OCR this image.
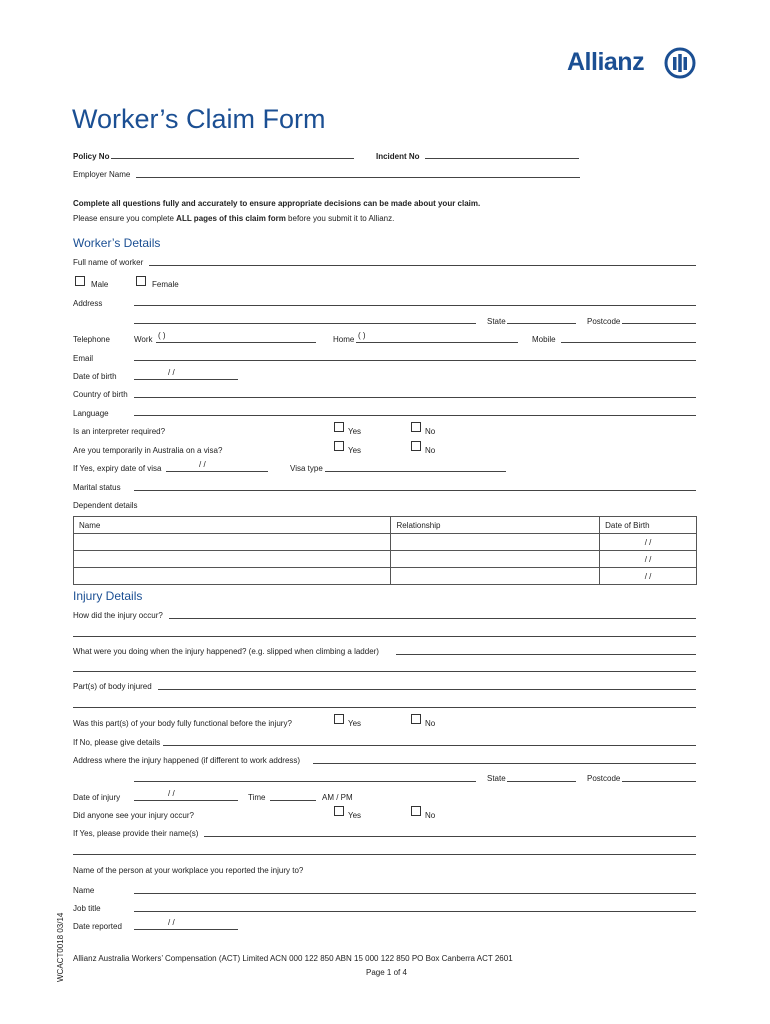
Allianz
Worker’s Claim Form
Policy No	Incident No
Employer Name
Complete all questions fully and accurately to ensure appropriate decisions can be made about your claim.
Please ensure you complete ALL pages of this claim form before you submit it to Allianz.
Worker’s Details
Full name of worker
Male	Female
Address
State	Postcode
Telephone	Work ( )	Home ( )	Mobile
Email
Date of birth	/ /
Country of birth
Language
Is an interpreter required?	Yes	No
Are you temporarily in Australia on a visa?	Yes	No
If Yes, expiry date of visa	/ /	Visa type
Marital status
Dependent details
Name	Relationship	Date of Birth
		/ /
		/ /
		/ /
Injury Details
How did the injury occur?
What were you doing when the injury happened? (e.g. slipped when climbing a ladder)
Part(s) of body injured
Was this part(s) of your body fully functional before the injury?	Yes	No
If No, please give details
Address where the injury happened (if different to work address)
State	Postcode
Date of injury	/ /	Time	AM / PM
Did anyone see your injury occur?	Yes	No
If Yes, please provide their name(s)
Name of the person at your workplace you reported the injury to?
Name
Job title
Date reported	/ /
Allianz Australia Workers’ Compensation (ACT) Limited ACN 000 122 850 ABN 15 000 122 850 PO Box Canberra ACT 2601
Page 1 of 4
WCACT0018 03/14
